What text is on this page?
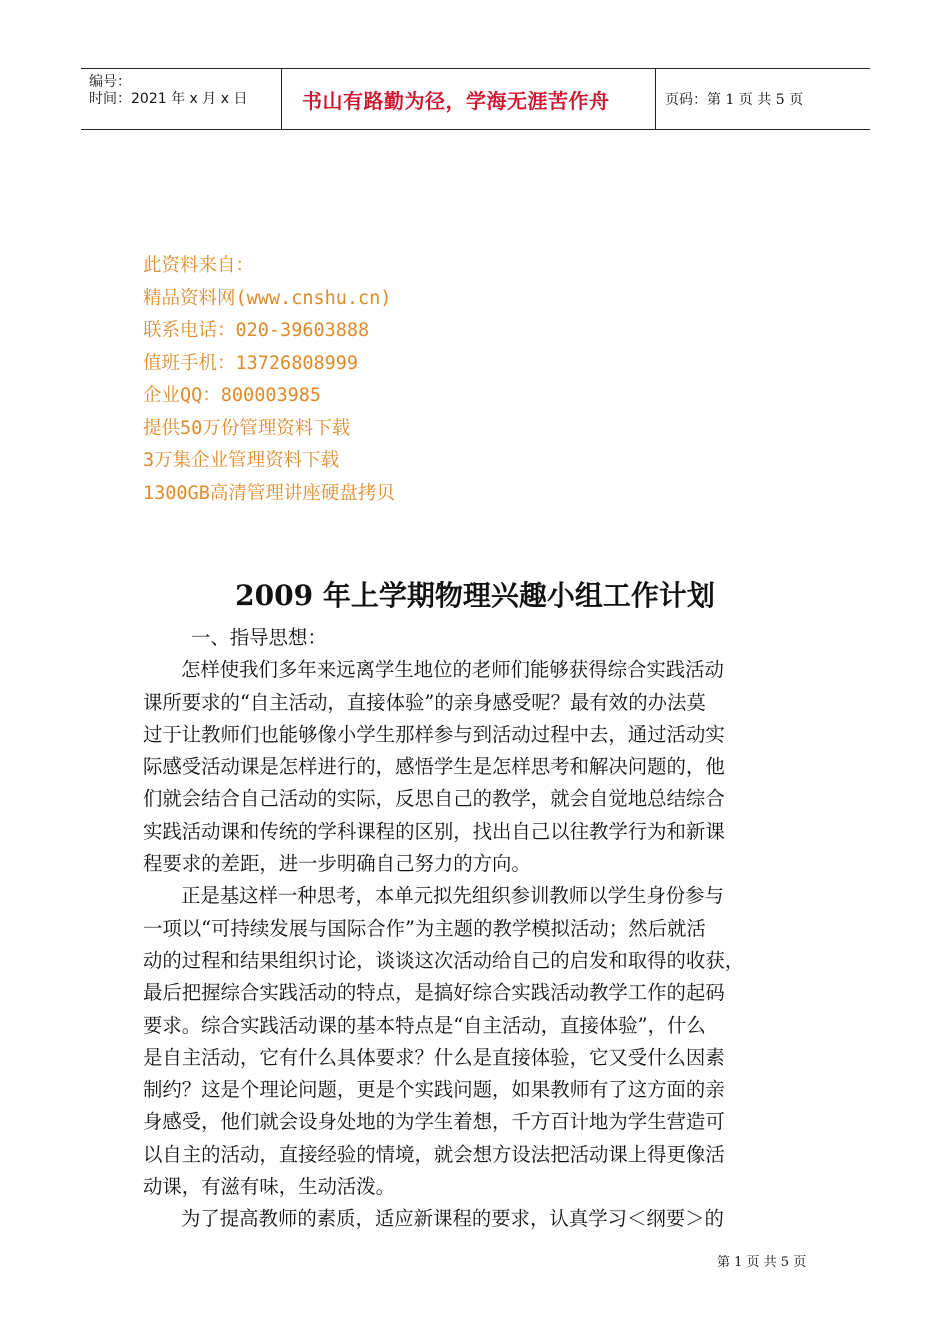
编号：
时间：2021 年 x 月 x 日	书山有路勤为径，学海无涯苦作舟	页码：第 1 页 共 5 页
此资料来自：
精品资料网(www.cnshu.cn)
联系电话：020-39603888
值班手机：13726808999
企业QQ：800003985
提供50万份管理资料下载
3万集企业管理资料下载
1300GB高清管理讲座硬盘拷贝
2009 年上学期物理兴趣小组工作计划
一、指导思想：
怎样使我们多年来远离学生地位的老师们能够获得综合实践活动
课所要求的“自主活动，直接体验”的亲身感受呢？最有效的办法莫
过于让教师们也能够像小学生那样参与到活动过程中去，通过活动实
际感受活动课是怎样进行的，感悟学生是怎样思考和解决问题的，他
们就会结合自己活动的实际，反思自己的教学，就会自觉地总结综合
实践活动课和传统的学科课程的区别，找出自己以往教学行为和新课
程要求的差距，进一步明确自己努力的方向。
正是基这样一种思考，本单元拟先组织参训教师以学生身份参与
一项以“可持续发展与国际合作”为主题的教学模拟活动；然后就活
动的过程和结果组织讨论，谈谈这次活动给自己的启发和取得的收获，
最后把握综合实践活动的特点，是搞好综合实践活动教学工作的起码
要求。综合实践活动课的基本特点是“自主活动，直接体验”，什么
是自主活动，它有什么具体要求？什么是直接体验，它又受什么因素
制约？这是个理论问题，更是个实践问题，如果教师有了这方面的亲
身感受，他们就会设身处地的为学生着想，千方百计地为学生营造可
以自主的活动，直接经验的情境，就会想方设法把活动课上得更像活
动课，有滋有味，生动活泼。
为了提高教师的素质，适应新课程的要求，认真学习＜纲要＞的
第 1 页 共 5 页
